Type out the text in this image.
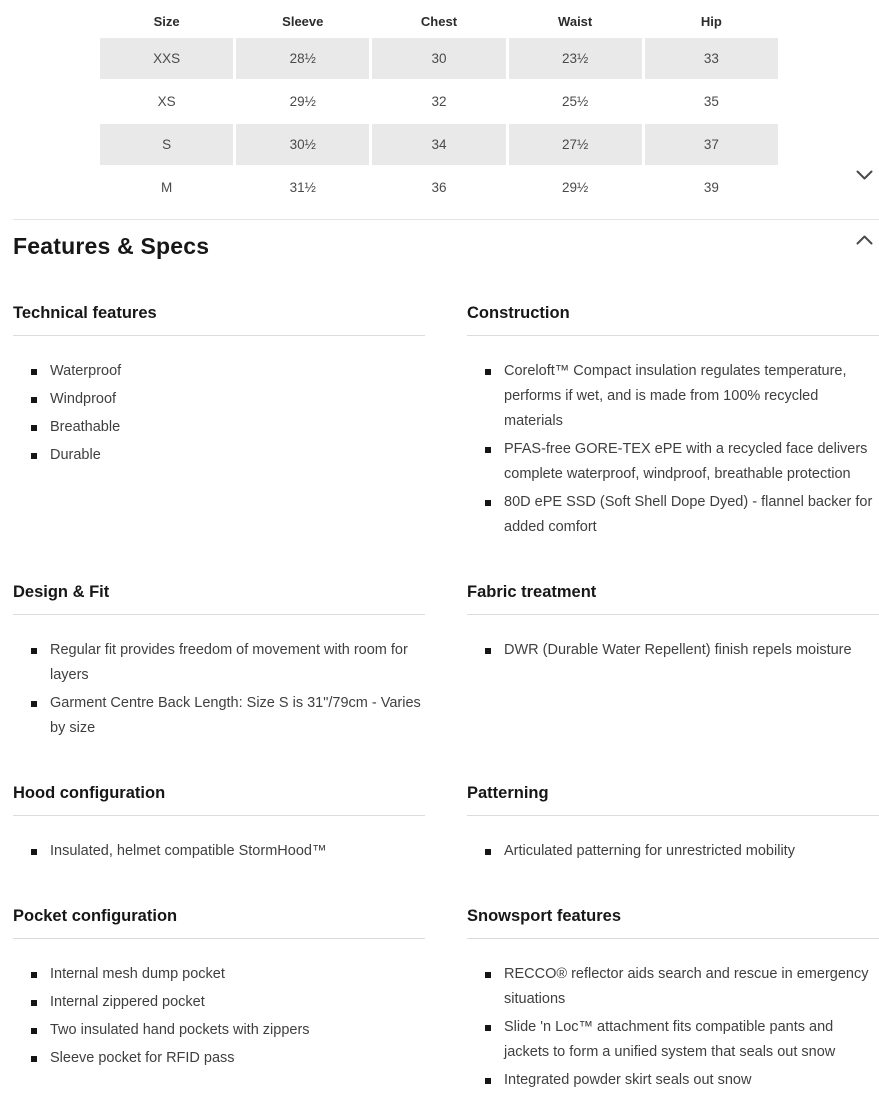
Size	Sleeve	Chest	Waist	Hip
XXS	28½	30	23½	33
XS	29½	32	25½	35
S	30½	34	27½	37
M	31½	36	29½	39
Features & Specs
Technical features
Waterproof
Windproof
Breathable
Durable
Construction
Coreloft™ Compact insulation regulates temperature, performs if wet, and is made from 100% recycled materials
PFAS-free GORE-TEX ePE with a recycled face delivers complete waterproof, windproof, breathable protection
80D ePE SSD (Soft Shell Dope Dyed) - flannel backer for added comfort
Design & Fit
Regular fit provides freedom of movement with room for layers
Garment Centre Back Length: Size S is 31"/79cm - Varies by size
Fabric treatment
DWR (Durable Water Repellent) finish repels moisture
Hood configuration
Insulated, helmet compatible StormHood™
Patterning
Articulated patterning for unrestricted mobility
Pocket configuration
Internal mesh dump pocket
Internal zippered pocket
Two insulated hand pockets with zippers
Sleeve pocket for RFID pass
Snowsport features
RECCO® reflector aids search and rescue in emergency situations
Slide 'n Loc™ attachment fits compatible pants and jackets to form a unified system that seals out snow
Integrated powder skirt seals out snow
